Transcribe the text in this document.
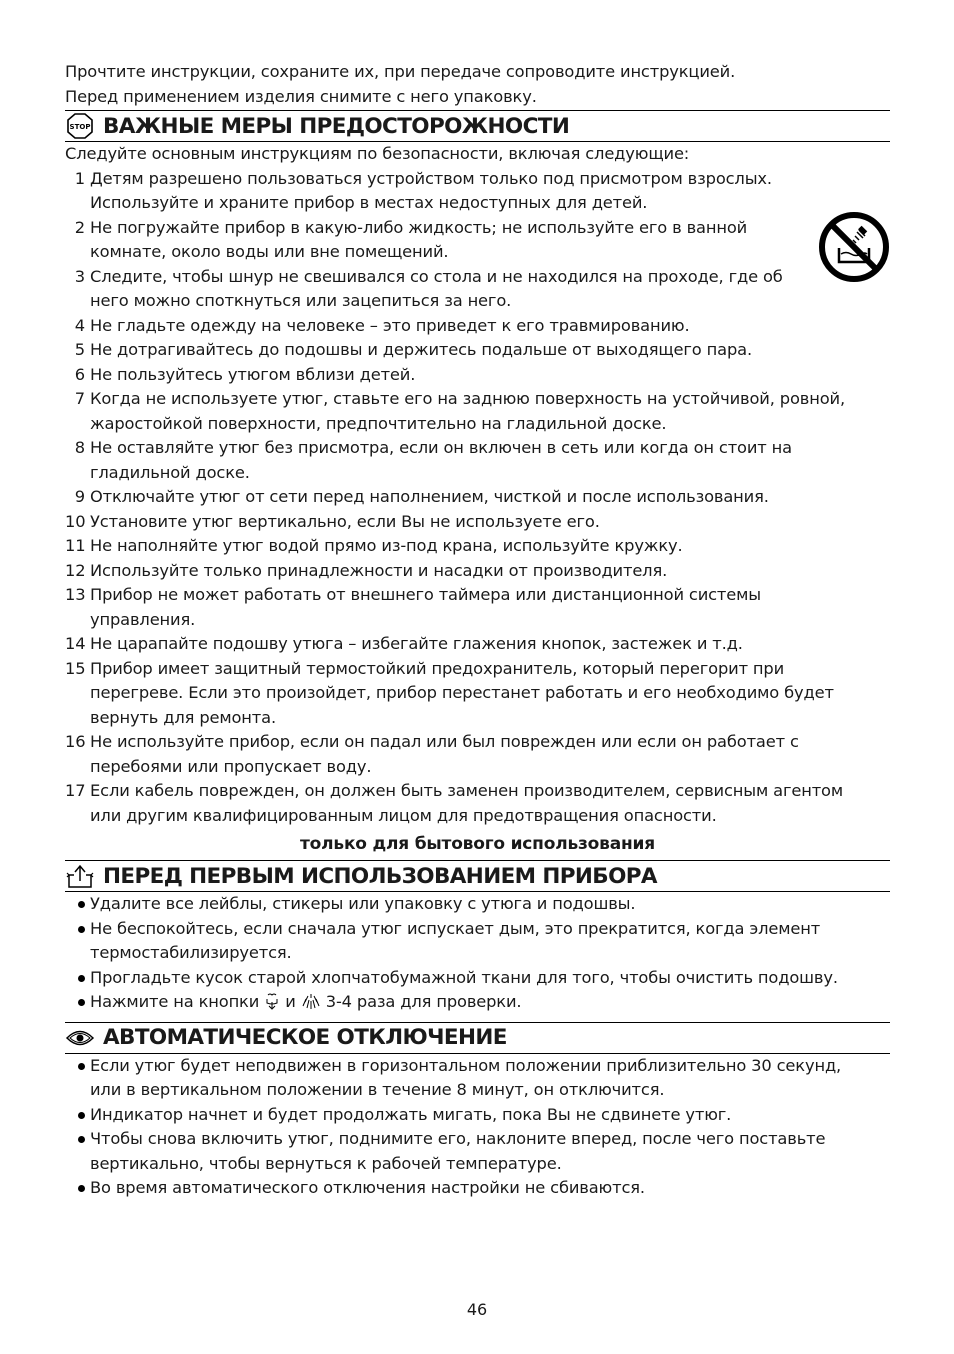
Прочтите инструкции, сохраните их, при передаче сопроводите инструкцией.
Перед применением изделия снимите с него упаковку.
STOP ВАЖНЫЕ МЕРЫ ПРЕДОСТОРОЖНОСТИ
Следуйте основным инструкциям по безопасности, включая следующие:
1 Детям разрешено пользоваться устройством только под присмотром взрослых.
Используйте и храните прибор в местах недоступных для детей.
2 Не погружайте прибор в какую-либо жидкость; не используйте его в ванной
комнате, около воды или вне помещений.
3 Следите, чтобы шнур не свешивался со стола и не находился на проходе, где об
него можно споткнуться или зацепиться за него.
4 Не гладьте одежду на человеке – это приведет к его травмированию.
5 Не дотрагивайтесь до подошвы и держитесь подальше от выходящего пара.
6 Не пользуйтесь утюгом вблизи детей.
7 Когда не используете утюг, ставьте его на заднюю поверхность на устойчивой, ровной,
жаростойкой поверхности, предпочтительно на гладильной доске.
8 Не оставляйте утюг без присмотра, если он включен в сеть или когда он стоит на
гладильной доске.
9 Отключайте утюг от сети перед наполнением, чисткой и после использования.
10 Установите утюг вертикально, если Вы не используете его.
11 Не наполняйте утюг водой прямо из-под крана, используйте кружку.
12 Используйте только принадлежности и насадки от производителя.
13 Прибор не может работать от внешнего таймера или дистанционной системы
управления.
14 Не царапайте подошву утюга – избегайте глажения кнопок, застежек и т.д.
15 Прибор имеет защитный термостойкий предохранитель, который перегорит при
перегреве. Если это произойдет, прибор перестанет работать и его необходимо будет
вернуть для ремонта.
16 Не используйте прибор, если он падал или был поврежден или если он работает с
перебоями или пропускает воду.
17 Если кабель поврежден, он должен быть заменен производителем, сервисным агентом
или другим квалифицированным лицом для предотвращения опасности.
только для бытового использования
ПЕРЕД ПЕРВЫМ ИСПОЛЬЗОВАНИЕМ ПРИБОРА
Удалите все лейблы, стикеры или упаковку с утюга и подошвы.
Не беспокойтесь, если сначала утюг испускает дым, это прекратится, когда элемент
термостабилизируется.
Прогладьте кусок старой хлопчатобумажной ткани для того, чтобы очистить подошву.
Нажмите на кнопки и 3-4 раза для проверки.
АВТОМАТИЧЕСКОЕ ОТКЛЮЧЕНИЕ
Если утюг будет неподвижен в горизонтальном положении приблизительно 30 секунд,
или в вертикальном положении в течение 8 минут, он отключится.
Индикатор начнет и будет продолжать мигать, пока Вы не сдвинете утюг.
Чтобы снова включить утюг, поднимите его, наклоните вперед, после чего поставьте
вертикально, чтобы вернуться к рабочей температуре.
Во время автоматического отключения настройки не сбиваются.
46
